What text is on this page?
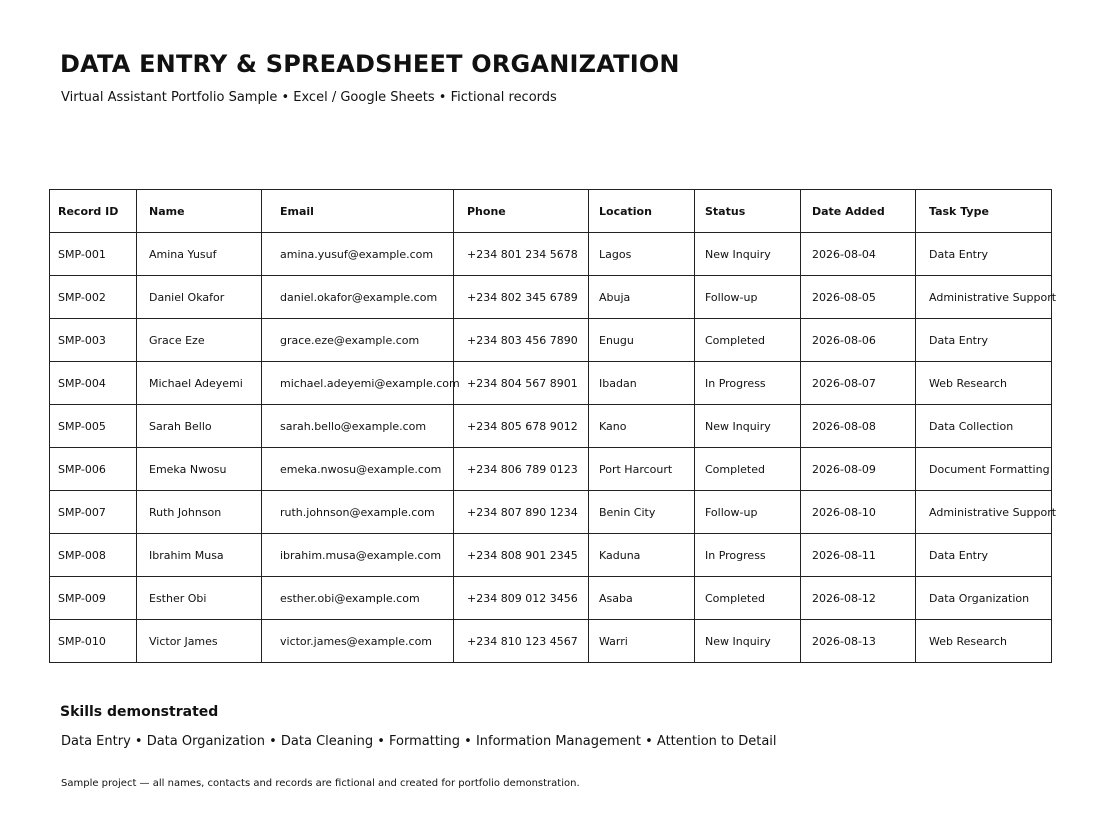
DATA ENTRY & SPREADSHEET ORGANIZATION
Virtual Assistant Portfolio Sample • Excel / Google Sheets • Fictional records
Record ID	Name	Email	Phone	Location	Status	Date Added	Task Type
SMP-001	Amina Yusuf	amina.yusuf@example.com	+234 801 234 5678	Lagos	New Inquiry	2026-08-04	Data Entry
SMP-002	Daniel Okafor	daniel.okafor@example.com	+234 802 345 6789	Abuja	Follow-up	2026-08-05	Administrative Support
SMP-003	Grace Eze	grace.eze@example.com	+234 803 456 7890	Enugu	Completed	2026-08-06	Data Entry
SMP-004	Michael Adeyemi	michael.adeyemi@example.com	+234 804 567 8901	Ibadan	In Progress	2026-08-07	Web Research
SMP-005	Sarah Bello	sarah.bello@example.com	+234 805 678 9012	Kano	New Inquiry	2026-08-08	Data Collection
SMP-006	Emeka Nwosu	emeka.nwosu@example.com	+234 806 789 0123	Port Harcourt	Completed	2026-08-09	Document Formatting
SMP-007	Ruth Johnson	ruth.johnson@example.com	+234 807 890 1234	Benin City	Follow-up	2026-08-10	Administrative Support
SMP-008	Ibrahim Musa	ibrahim.musa@example.com	+234 808 901 2345	Kaduna	In Progress	2026-08-11	Data Entry
SMP-009	Esther Obi	esther.obi@example.com	+234 809 012 3456	Asaba	Completed	2026-08-12	Data Organization
SMP-010	Victor James	victor.james@example.com	+234 810 123 4567	Warri	New Inquiry	2026-08-13	Web Research
Skills demonstrated
Data Entry • Data Organization • Data Cleaning • Formatting • Information Management • Attention to Detail
Sample project — all names, contacts and records are fictional and created for portfolio demonstration.
